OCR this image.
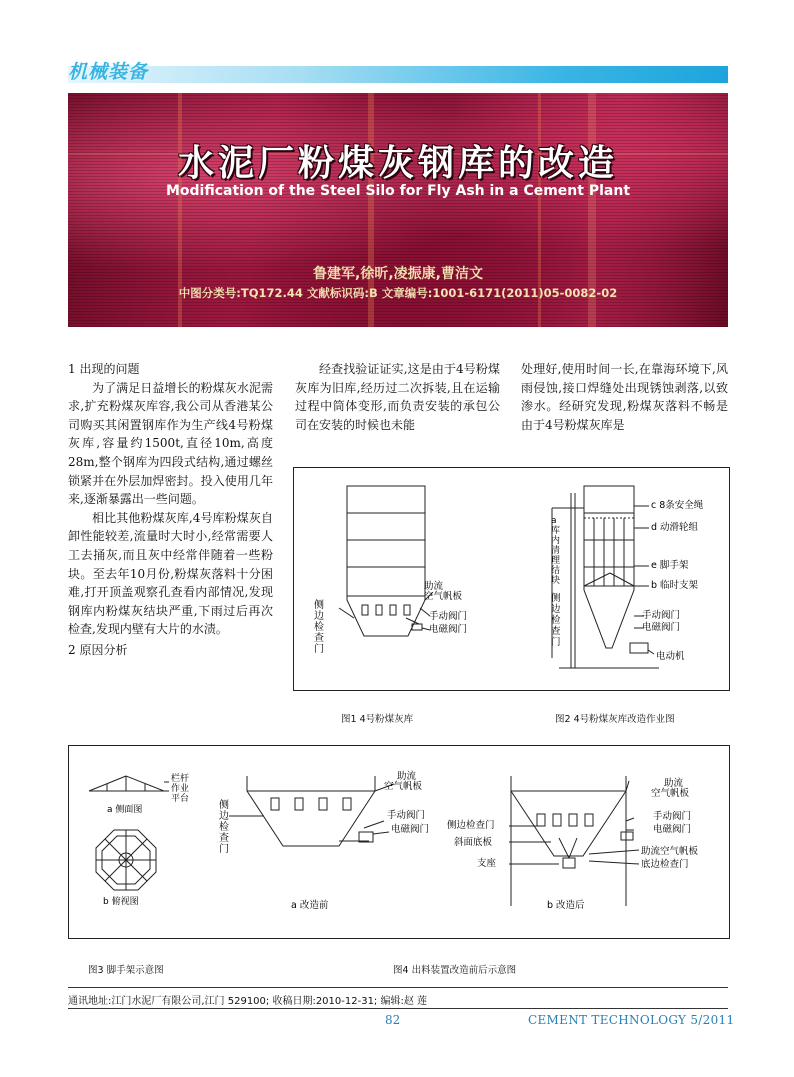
机械装备
水泥厂粉煤灰钢库的改造
Modification of the Steel Silo for Fly Ash in a Cement Plant
鲁建军,徐昕,凌振康,曹洁文
中图分类号:TQ172.44 文献标识码:B 文章编号:1001-6171(2011)05-0082-02

1 出现的问题

为了满足日益增长的粉煤灰水泥需求,扩充粉煤灰库容,我公司从香港某公司购买其闲置钢库作为生产线4号粉煤灰库,容量约1500t,直径10m,高度28m,整个钢库为四段式结构,通过螺丝锁紧并在外层加焊密封。投入使用几年来,逐渐暴露出一些问题。

相比其他粉煤灰库,4号库粉煤灰自卸性能较差,流量时大时小,经常需要人工去捅灰,而且灰中经常伴随着一些粉块。至去年10月份,粉煤灰落料十分困难,打开顶盖观察孔查看内部情况,发现钢库内粉煤灰结块严重,下雨过后再次检查,发现内壁有大片的水渍。

2 原因分析

经查找验证证实,这是由于4号粉煤灰库为旧库,经历过二次拆装,且在运输过程中筒体变形,而负责安装的承包公司在安装的时候也未能

处理好,使用时间一长,在靠海环境下,风雨侵蚀,接口焊缝处出现锈蚀剥落,以致渗水。经研究发现,粉煤灰落料不畅是由于4号粉煤灰库是

侧边检查门
助流空气帆板
手动阀门
电磁阀门
a 库内清理结块
侧边检查门
c 8条安全绳
d 动滑轮组
e 脚手架
b 临时支架
手动阀门
电磁阀门
电动机
图1 4号粉煤灰库	图2 4号粉煤灰库改造作业图
栏杆
作业平台
a 侧面图
b 俯视图
侧边检查门
助流空气帆板
手动阀门
电磁阀门
a 改造前
侧边检查门
斜面底板
支座
助流空气帆板
手动阀门
电磁阀门
助流空气帆板
底边检查门
b 改造后
图3 脚手架示意图	图4 出料装置改造前后示意图
通讯地址:江门水泥厂有限公司,江门 529100; 收稿日期:2010-12-31; 编辑:赵 莲
82	CEMENT TECHNOLOGY 5/2011
